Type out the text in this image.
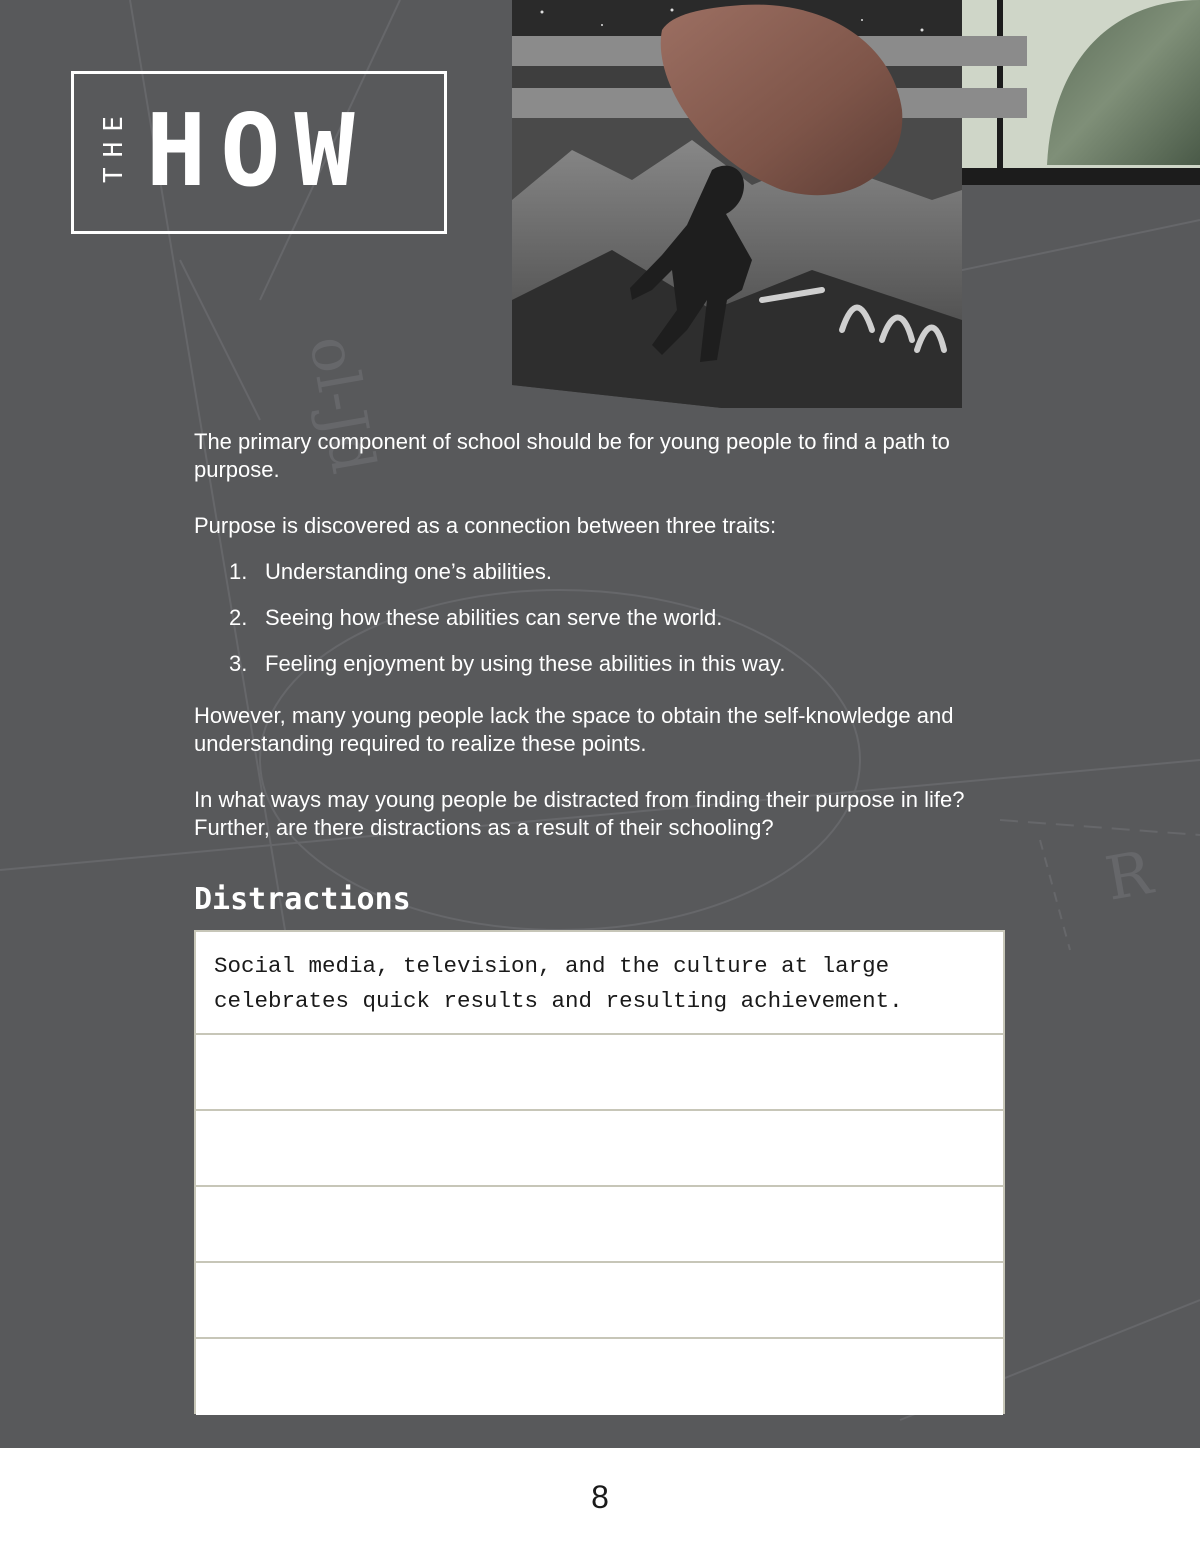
ol-Jd
R
THE HOW

The primary component of school should be for young people to find a path to purpose.

Purpose is discovered as a connection between three traits:

1. Understanding one’s abilities.
2. Seeing how these abilities can serve the world.
3. Feeling enjoyment by using these abilities in this way.

However, many young people lack the space to obtain the self-knowledge and understanding required to realize these points.

In what ways may young people be distracted from finding their purpose in life? Further, are there distractions as a result of their schooling?

Distractions
Social media, television, and the culture at large celebrates quick results and resulting achievement.
8
